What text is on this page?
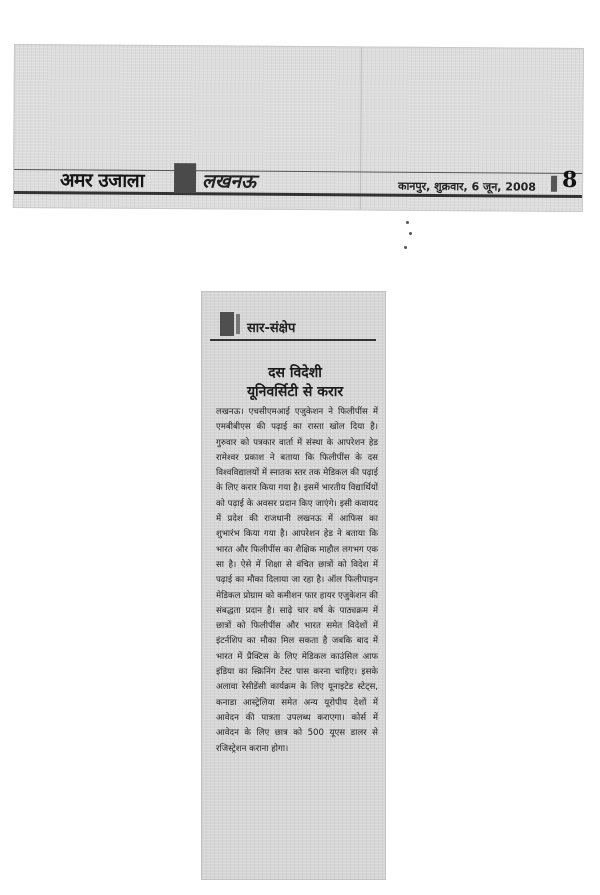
अमर उजाला	लखनऊ	कानपुर, शुक्रवार, 6 जून, 2008 8
सार-संक्षेप
दस विदेशी
यूनिवर्सिटी से करार
लखनऊ। एचसीएमआई एजुकेशन ने फिलीपींस में एमबीबीएस की पढ़ाई का रास्ता खोल दिया है। गुरुवार को पत्रकार वार्ता में संस्था के आपरेशन हेड रामेश्वर प्रकाश ने बताया कि फिलीपींस के दस विश्वविद्यालयों में स्नातक स्तर तक मेडिकल की पढ़ाई के लिए करार किया गया है। इसमें भारतीय विद्यार्थियों को पढ़ाई के अवसर प्रदान किए जाएंगे। इसी कवायद में प्रदेश की राजधानी लखनऊ में आफिस का शुभारंभ किया गया है। आपरेशन हेड ने बताया कि भारत और फिलीपींस का शैक्षिक माहौल लगभग एक सा है। ऐसे में शिक्षा से वंचित छात्रों को विदेश में पढ़ाई का मौका दिलाया जा रहा है। ऑल फिलीपाइन मेडिकल प्रोग्राम को कमीशन फार हायर एजुकेशन की संबद्धता प्रदान है। साढ़े चार वर्ष के पाठ्यक्रम में छात्रों को फिलीपींस और भारत समेत विदेशों में इंटर्नशिप का मौका मिल सकता है जबकि बाद में भारत में प्रैक्टिस के लिए मेडिकल काउंसिल आफ इंडिया का स्क्रिनिंग टेस्ट पास करना चाहिए। इसके अलावा रेसीडेंसी कार्यक्रम के लिए यूनाइटेड स्टेट्स, कनाडा आस्ट्रेलिया समेत अन्य यूरोपीय देशों में आवेदन की पात्रता उपलब्ध कराएगा। कोर्स में आवेदन के लिए छात्र को 500 यूएस डालर से रजिस्ट्रेशन कराना होगा।
